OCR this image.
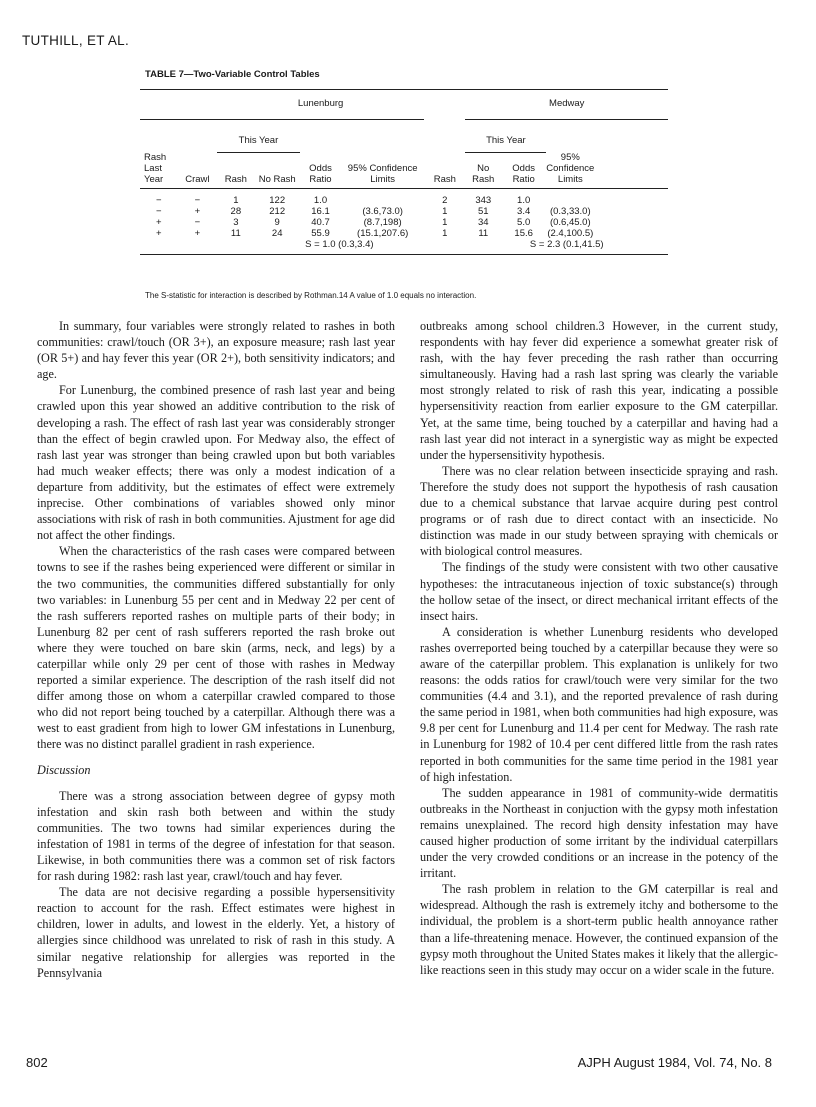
TUTHILL, ET AL.
TABLE 7—Two-Variable Control Tables
		Lunenburg					Medway			
		This Year					This Year			

Rash Last Year	Crawl	Rash	No Rash	Odds Ratio	95% Confidence Limits	Rash	No Rash	Odds Ratio	95% Confidence Limits	
−	−	1	122	1.0		2	343	1.0		
−	+	28	212	16.1	(3.6,73.0)	1	51	3.4	(0.3,33.0)	
+	−	3	9	40.7	(8.7,198)	1	34	5.0	(0.6,45.0)	
+	+	11	24	55.9	(15.1,207.6)	1	11	15.6	(2.4,100.5)	
			S = 1.0 (0.3,3.4)				S = 2.3 (0.1,41.5)			
The S-statistic for interaction is described by Rothman.14 A value of 1.0 equals no interaction.

In summary, four variables were strongly related to rashes in both communities: crawl/touch (OR 3+), an exposure measure; rash last year (OR 5+) and hay fever this year (OR 2+), both sensitivity indicators; and age.

For Lunenburg, the combined presence of rash last year and being crawled upon this year showed an additive contribution to the risk of developing a rash. The effect of rash last year was considerably stronger than the effect of begin crawled upon. For Medway also, the effect of rash last year was stronger than being crawled upon but both variables had much weaker effects; there was only a modest indication of a departure from additivity, but the estimates of effect were extremely inprecise. Other combinations of variables showed only minor associations with risk of rash in both communities. Ajustment for age did not affect the other findings.

When the characteristics of the rash cases were compared between towns to see if the rashes being experienced were different or similar in the two communities, the communities differed substantially for only two variables: in Lunenburg 55 per cent and in Medway 22 per cent of the rash sufferers reported rashes on multiple parts of their body; in Lunenburg 82 per cent of rash sufferers reported the rash broke out where they were touched on bare skin (arms, neck, and legs) by a caterpillar while only 29 per cent of those with rashes in Medway reported a similar experience. The description of the rash itself did not differ among those on whom a caterpillar crawled compared to those who did not report being touched by a caterpillar. Although there was a west to east gradient from high to lower GM infestations in Lunenburg, there was no distinct parallel gradient in rash experience.

Discussion

There was a strong association between degree of gypsy moth infestation and skin rash both between and within the study communities. The two towns had similar experiences during the infestation of 1981 in terms of the degree of infestation for that season. Likewise, in both communities there was a common set of risk factors for rash during 1982: rash last year, crawl/touch and hay fever.

The data are not decisive regarding a possible hypersensitivity reaction to account for the rash. Effect estimates were highest in children, lower in adults, and lowest in the elderly. Yet, a history of allergies since childhood was unrelated to risk of rash in this study. A similar negative relationship for allergies was reported in the Pennsylvania

outbreaks among school children.3 However, in the current study, respondents with hay fever did experience a somewhat greater risk of rash, with the hay fever preceding the rash rather than occurring simultaneously. Having had a rash last spring was clearly the variable most strongly related to risk of rash this year, indicating a possible hypersensitivity reaction from earlier exposure to the GM caterpillar. Yet, at the same time, being touched by a caterpillar and having had a rash last year did not interact in a synergistic way as might be expected under the hypersensitivity hypothesis.

There was no clear relation between insecticide spraying and rash. Therefore the study does not support the hypothesis of rash causation due to a chemical substance that larvae acquire during pest control programs or of rash due to direct contact with an insecticide. No distinction was made in our study between spraying with chemicals or with biological control measures.

The findings of the study were consistent with two other causative hypotheses: the intracutaneous injection of toxic substance(s) through the hollow setae of the insect, or direct mechanical irritant effects of the insect hairs.

A consideration is whether Lunenburg residents who developed rashes overreported being touched by a caterpillar because they were so aware of the caterpillar problem. This explanation is unlikely for two reasons: the odds ratios for crawl/touch were very similar for the two communities (4.4 and 3.1), and the reported prevalence of rash during the same period in 1981, when both communities had high exposure, was 9.8 per cent for Lunenburg and 11.4 per cent for Medway. The rash rate in Lunenburg for 1982 of 10.4 per cent differed little from the rash rates reported in both communities for the same time period in the 1981 year of high infestation.

The sudden appearance in 1981 of community-wide dermatitis outbreaks in the Northeast in conjuction with the gypsy moth infestation remains unexplained. The record high density infestation may have caused higher production of some irritant by the individual caterpillars under the very crowded conditions or an increase in the potency of the irritant.

The rash problem in relation to the GM caterpillar is real and widespread. Although the rash is extremely itchy and bothersome to the individual, the problem is a short-term public health annoyance rather than a life-threatening menace. However, the continued expansion of the gypsy moth throughout the United States makes it likely that the allergic-like reactions seen in this study may occur on a wider scale in the future.

802	AJPH August 1984, Vol. 74, No. 8
